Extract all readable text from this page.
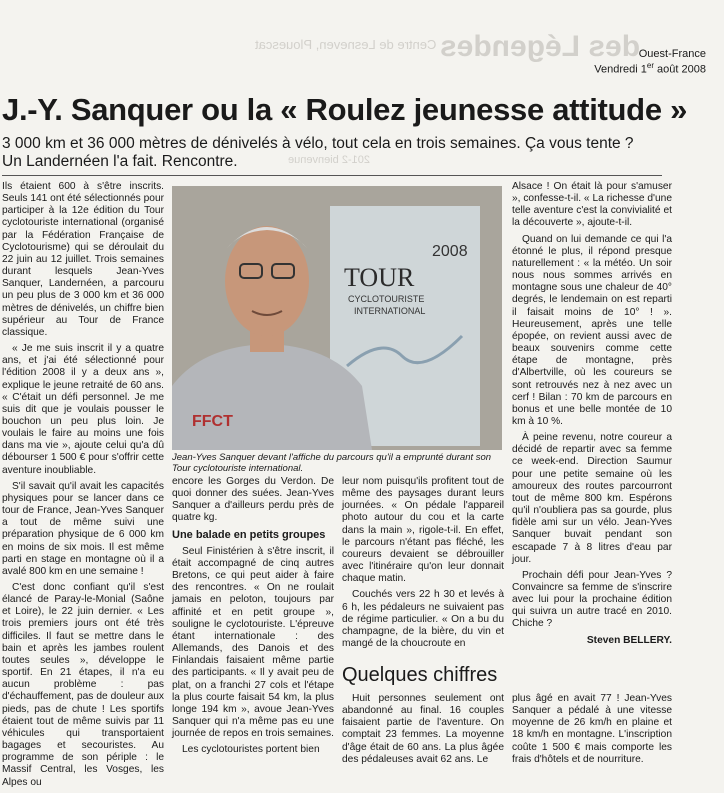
des Légendes
Centre de Lesneven, Plouescat
201-2 bienvenue
Ouest-France
Vendredi 1er août 2008
J.-Y. Sanquer ou la « Roulez jeunesse attitude »
3 000 km et 36 000 mètres de dénivelés à vélo, tout cela en trois semaines. Ça vous tente ?
Un Landernéen l'a fait. Rencontre.

Ils étaient 600 à s'être inscrits. Seuls 141 ont été sélectionnés pour participer à la 12e édition du Tour cyclotouriste international (organisé par la Fédération Française de Cyclotourisme) qui se déroulait du 22 juin au 12 juillet. Trois semaines durant lesquels Jean-Yves Sanquer, Landernéen, a parcouru un peu plus de 3 000 km et 36 000 mètres de dénivelés, un chiffre bien supérieur au Tour de France classique.

« Je me suis inscrit il y a quatre ans, et j'ai été sélectionné pour l'édition 2008 il y a deux ans », explique le jeune retraité de 60 ans. « C'était un défi personnel. Je me suis dit que je voulais pousser le bouchon un peu plus loin. Je voulais le faire au moins une fois dans ma vie », ajoute celui qu'a dû débourser 1 500 € pour s'offrir cette aventure inoubliable.

S'il savait qu'il avait les capacités physiques pour se lancer dans ce tour de France, Jean-Yves Sanquer a tout de même suivi une préparation physique de 6 000 km en moins de six mois. Il est même parti en stage en montagne où il a avalé 800 km en une semaine !

C'est donc confiant qu'il s'est élancé de Paray-le-Monial (Saône et Loire), le 22 juin dernier. « Les trois premiers jours ont été très difficiles. Il faut se mettre dans le bain et après les jambes roulent toutes seules », développe le sportif. En 21 étapes, il n'a eu aucun problème : pas d'échauffement, pas de douleur aux pieds, pas de chute ! Les sportifs étaient tout de même suivis par 11 véhicules qui transportaient bagages et secouristes. Au programme de son périple : le Massif Central, les Vosges, les Alpes ou

TOUR
CYCLOTOURISTE
INTERNATIONAL
2008
FFCT
Jean-Yves Sanquer devant l'affiche du parcours qu'il a emprunté durant son Tour cyclotouriste international.

encore les Gorges du Verdon. De quoi donner des suées. Jean-Yves Sanquer a d'ailleurs perdu près de quatre kg.

Une balade en petits groupes

Seul Finistérien à s'être inscrit, il était accompagné de cinq autres Bretons, ce qui peut aider à faire des rencontres. « On ne roulait jamais en peloton, toujours par affinité et en petit groupe », souligne le cyclotouriste. L'épreuve étant internationale : des Allemands, des Danois et des Finlandais faisaient même partie des participants. « Il y avait peu de plat, on a franchi 27 cols et l'étape la plus courte faisait 54 km, la plus longe 194 km », avoue Jean-Yves Sanquer qui n'a même pas eu une journée de repos en trois semaines.

Les cyclotouristes portent bien

leur nom puisqu'ils profitent tout de même des paysages durant leurs journées. « On pédale l'appareil photo autour du cou et la carte dans la main », rigole-t-il. En effet, le parcours n'étant pas fléché, les coureurs devaient se débrouiller avec l'itinéraire qu'on leur donnait chaque matin.

Couchés vers 22 h 30 et levés à 6 h, les pédaleurs ne suivaient pas de régime particulier. « On a bu du champagne, de la bière, du vin et mangé de la choucroute en

Alsace ! On était là pour s'amuser », confesse-t-il. « La richesse d'une telle aventure c'est la convivialité et la découverte », ajoute-t-il.

Quand on lui demande ce qui l'a étonné le plus, il répond presque naturellement : « la météo. Un soir nous nous sommes arrivés en montagne sous une chaleur de 40° degrés, le lendemain on est reparti il faisait moins de 10° ! ». Heureusement, après une telle épopée, on revient aussi avec de beaux souvenirs comme cette étape de montagne, près d'Albertville, où les coureurs se sont retrouvés nez à nez avec un cerf ! Bilan : 70 km de parcours en bonus et une belle montée de 10 km à 10 %.

À peine revenu, notre coureur a décidé de repartir avec sa femme ce week-end. Direction Saumur pour une petite semaine où les amoureux des routes parcourront tout de même 800 km. Espérons qu'il n'oubliera pas sa gourde, plus fidèle ami sur un vélo. Jean-Yves Sanquer buvait pendant son escapade 7 à 8 litres d'eau par jour.

Prochain défi pour Jean-Yves ? Convaincre sa femme de s'inscrire avec lui pour la prochaine édition qui suivra un autre tracé en 2010. Chiche ?

Steven BELLERY.

Quelques chiffres

Huit personnes seulement ont abandonné au final. 16 couples faisaient partie de l'aventure. On comptait 23 femmes. La moyenne d'âge était de 60 ans. La plus âgée des pédaleuses avait 62 ans. Le

plus âgé en avait 77 ! Jean-Yves Sanquer a pédalé à une vitesse moyenne de 26 km/h en plaine et 18 km/h en montagne. L'inscription coûte 1 500 € mais comporte les frais d'hôtels et de nourriture.
